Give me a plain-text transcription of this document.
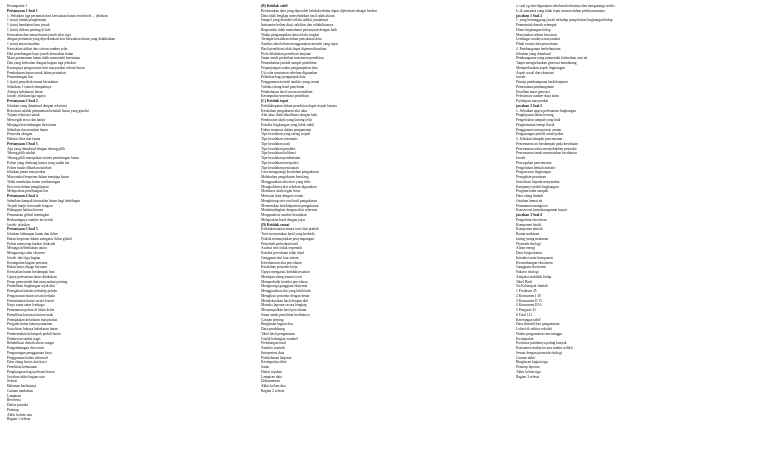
Kesimpulan 1
Pertanyaan 1 Soal 1
1. Sebutkan tiga pertanian dari kerusakan hutan tersebut di ... jelaskan
1 (satu) tindak penghentian
1 (satu) hambatan baru jawab
1 (satu) diskusi penting di bab
Kerusakan dan semua hutan jawab jelas tiga
dengan pertanian yang diperkirakan dari kerusakan hutan yang diakibatkan
1 (satu) antara kualitas
Kerusakan akibat dari sistem sumber jelas
Dari penebangan kayu jawab kerusakan hutan
Masa penanaman hutan tidak memenuhi ketentuan
Dan yang berkaitan dengan bagian tiga jelaskan
Kurangnya pengawasan dari masyarakat sekitar hutan
Pembakaran hutan untuk lahan pertanian
Penambangan liar
1 (satu) penyebab utama kerusakan
Sebutkan 1 contoh dampaknya
Adanya kebakaran hutan
Jawab: jelaskan tiga upaya
Pertanyaan 2 Soal 2
Jelaskan yang dimaksud dengan reboisasi
Reboisasi adalah penanaman kembali hutan yang gundul
Tujuan reboisasi untuk
Mencegah erosi dan banjir
Menjaga keseimbangan ekosistem
Sebutkan dua manfaat hutan
Penyedia oksigen
Habitat flora dan fauna
Pertanyaan 3 Soal 3
Apa yang dimaksud dengan tebang pilih
Tebang pilih adalah
Tebang pilih merupakan sistem penebangan hutan
Pohon yang ditebang hanya yang sudah tua
Pohon muda dibiarkan tumbuh
Jelaskan peran masyarakat
Masyarakat berperan dalam menjaga hutan
Tidak membakar hutan sembarangan
Ikut serta dalam penghijauan
Melaporkan penebangan liar
Pertanyaan 4 Soal 4
Sebutkan dampak kerusakan hutan bagi kehidupan
Terjadi banjir dan tanah longsor
Hilangnya habitat hewan
Pemanasan global meningkat
Berkurangnya sumber air bersih
Jawab: jelaskan
Pertanyaan 5 Soal 5
Jelaskan hubungan hutan dan iklim
Hutan berperan dalam mengatur iklim global
Pohon menyerap karbon dioksida
Menjaga kelembaban udara
Mengurangi suhu ekstrem
Jawab: dari tiga bagian
Kesimpulan bagian pertama
Hutan harus dijaga bersama
Kerusakan hutan berdampak luas
Upaya pelestarian harus dilakukan
Peran pemerintah dan masyarakat penting
Pendidikan lingkungan sejak dini
Penegakan hukum terhadap pelaku
Pengawasan hutan secara berkala
Pemanfaatan hutan secara lestari
Kerja sama antar lembaga
Penanaman pohon di lahan kritis
Pemulihan kawasan hutan rusak
Peningkatan kesadaran masyarakat
Program hutan kemasyarakatan
Sosialisasi bahaya kebakaran hutan
Pembentukan kelompok peduli hutan
Pemberian sanksi tegas
Rehabilitasi daerah aliran sungai
Pengembangan ekowisata
Pengurangan penggunaan kayu
Penggunaan bahan alternatif
Daur ulang kertas dan kayu
Penelitian kehutanan
Penghargaan bagi pelestari hutan
Jawaban akhir bagian satu
Selesai
Halaman berikutnya
Catatan tambahan
Lampiran
Referensi
Daftar pustaka
Penutup
Akhir kolom satu
Bagian 1 selesai
(B) Ketidak valid
Berdasarkan data yang diperoleh ketidakvalidan dapat dijelaskan sebagai berikut
Data tidak lengkap menyebabkan hasil tidak akurat
Sampel yang diambil terlalu sedikit jumlahnya
Instrumen belum diuji validitas dan reliabilitasnya
Responden tidak memahami pertanyaan dengan baik
Waktu pengumpulan data terlalu singkat
Terdapat kesalahan dalam pencatatan data
Analisis data belum menggunakan metode yang tepat
Hasil penelitian tidak dapat digeneralisasikan
Perlu dilakukan penelitian lanjutan
Saran untuk perbaikan instrumen penelitian
Penambahan jumlah sampel penelitian
Perpanjangan waktu pengumpulan data
Uji coba instrumen sebelum digunakan
Pelatihan bagi pengumpul data
Penggunaan metode analisis yang sesuai
Validasi ulang hasil penelitian
Pembahasan hasil secara mendalam
Kesimpulan sementara penelitian
(C) Ketidak tepat
Ketidaktepatan dalam penelitian dapat terjadi karena
Kesalahan pengukuran alat ukur
Alat ukur tidak dikalibrasi dengan baik
Pembacaan skala yang kurang teliti
Kondisi lingkungan yang tidak stabil
Faktor manusia dalam pengamatan
Tipe kesalahan yang sering terjadi
Tipe kesalahan sistematis
Tipe kesalahan acak
Tipe kesalahan paralaks
Tipe kesalahan kalibrasi
Tipe kesalahan pembulatan
Tipe kesalahan interpolasi
Tipe kesalahan pencatatan
Cara mengurangi kesalahan pengukuran
Melakukan pengukuran berulang
Menggunakan alat ukur yang teliti
Mengkalibrasi alat sebelum digunakan
Membaca skala tegak lurus
Mencatat data dengan cermat
Menghitung rata-rata hasil pengukuran
Menentukan ketidakpastian pengukuran
Membandingkan dengan nilai referensi
Menganalisis sumber kesalahan
Melaporkan hasil dengan jujur
(D) Ketidak sesuai
Ketidaksesuaian antara teori dan praktik
Teori menyatakan hasil yang berbeda
Praktik menunjukkan penyimpangan
Penyebab perbedaan hasil
Asumsi teori tidak terpenuhi
Kondisi percobaan tidak ideal
Gangguan dari luar sistem
Keterbatasan alat percobaan
Kesalahan prosedur kerja
Upaya mengatasi ketidaksesuaian
Meninjau ulang asumsi teori
Memperbaiki kondisi percobaan
Mengurangi gangguan eksternal
Menggunakan alat yang lebih baik
Mengikuti prosedur dengan benar
Mendiskusikan hasil dengan ahli
Menulis laporan secara lengkap
Menyimpulkan hasil percobaan
Saran untuk penelitian berikutnya
Catatan penting
Ringkasan bagian dua
Data pendukung
Tabel hasil pengamatan
Grafik hubungan variabel
Perhitungan hasil
Analisis statistik
Interpretasi data
Pembahasan lanjutan
Kesimpulan akhir
Saran
Daftar rujukan
Lampiran data
Dokumentasi
Akhir kolom dua
Bagian 2 selesai
a. soal yg dan digunakan sebelum berikutnya dan mengurangi resiko
b. di sumatera yang tidak tepat sasaran dalam pelaksanaannya
jawaban 1 Soal 2
1. yang bertanggung jawab terhadap pengelolaan lingkungan hidup
Pemerintah daerah setempat
Dinas lingkungan hidup
Masyarakat sekitar kawasan
Lembaga swadaya masyarakat
Pihak swasta dan perusahaan
2. Pembangunan berkelanjutan
Jelaskan yang dimaksud
Pembangunan yang memenuhi kebutuhan saat ini
Tanpa mengorbankan generasi mendatang
Memperhatikan aspek lingkungan
Aspek sosial dan ekonomi
Jawab:
Prinsip pembangunan berkelanjutan
Pemerataan pembangunan
Keadilan antar generasi
Pelestarian sumber daya alam
Partisipasi masyarakat
jawaban 2 Soal 3
1. Sebutkan upaya pelestarian lingkungan
Penghijauan lahan kosong
Pengelolaan sampah yang baik
Penghematan energi listrik
Penggunaan transportasi umum
Pengurangan plastik sekali pakai
2. Jelaskan dampak pencemaran
Pencemaran air berdampak pada kesehatan
Pencemaran udara menyebabkan penyakit
Pencemaran tanah menurunkan kesuburan
Jawab:
Pencegahan pencemaran
Pengolahan limbah industri
Pengawasan lingkungan
Penegakan peraturan
Sosialisasi kepada masyarakat
Kampanye peduli lingkungan
Program bank sampah
Daur ulang limbah
Gerakan hemat air
Penanaman mangrove
Konservasi keanekaragaman hayati
jawaban 3 Soal 4
Pengertian ekosistem
Komponen biotik
Komponen abiotik
Rantai makanan
Jaring-jaring makanan
Piramida ekologi
Aliran energi
Daur biogeokimia
Interaksi antar komponen
Keseimbangan ekosistem
Gangguan ekosistem
Suksesi ekologi
Adaptasi makhluk hidup
Tabel Hasil
No Kelompok Jumlah
1 Produsen 45
2 Konsumen I 30
3 Konsumen II 15
4 Konsumen III 6
5 Pengurai 25
6 Total 121
Keterangan tabel
Data diambil dari pengamatan
Lokasi di sekitar sekolah
Waktu pengamatan satu minggu
Kesimpulan
Produsen jumlahnya paling banyak
Konsumen makin ke atas makin sedikit
Sesuai dengan piramida ekologi
Catatan akhir
Ringkasan bagian tiga
Penutup laporan
Akhir kolom tiga
Bagian 3 selesai
